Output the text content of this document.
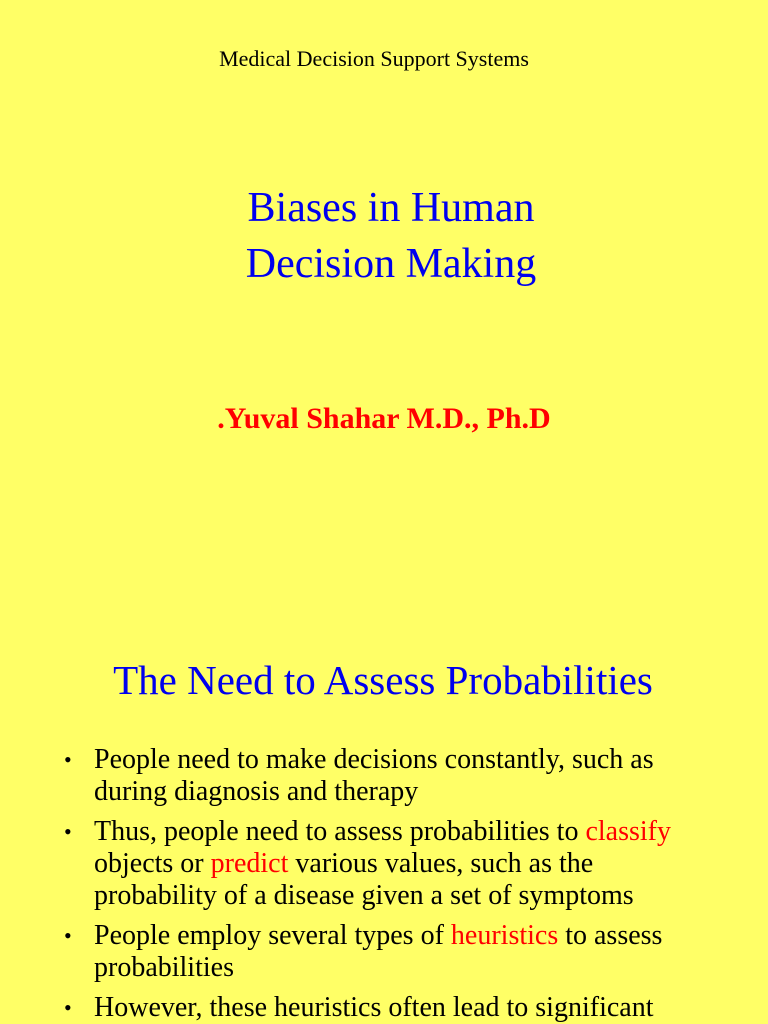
Medical Decision Support Systems
Biases in Human
Decision Making
.Yuval Shahar M.D., Ph.D
The Need to Assess Probabilities
• People need to make decisions constantly, such as during diagnosis and therapy
• Thus, people need to assess probabilities to classify objects or predict various values, such as the probability of a disease given a set of symptoms
• People employ several types of heuristics to assess probabilities
• However, these heuristics often lead to significant
